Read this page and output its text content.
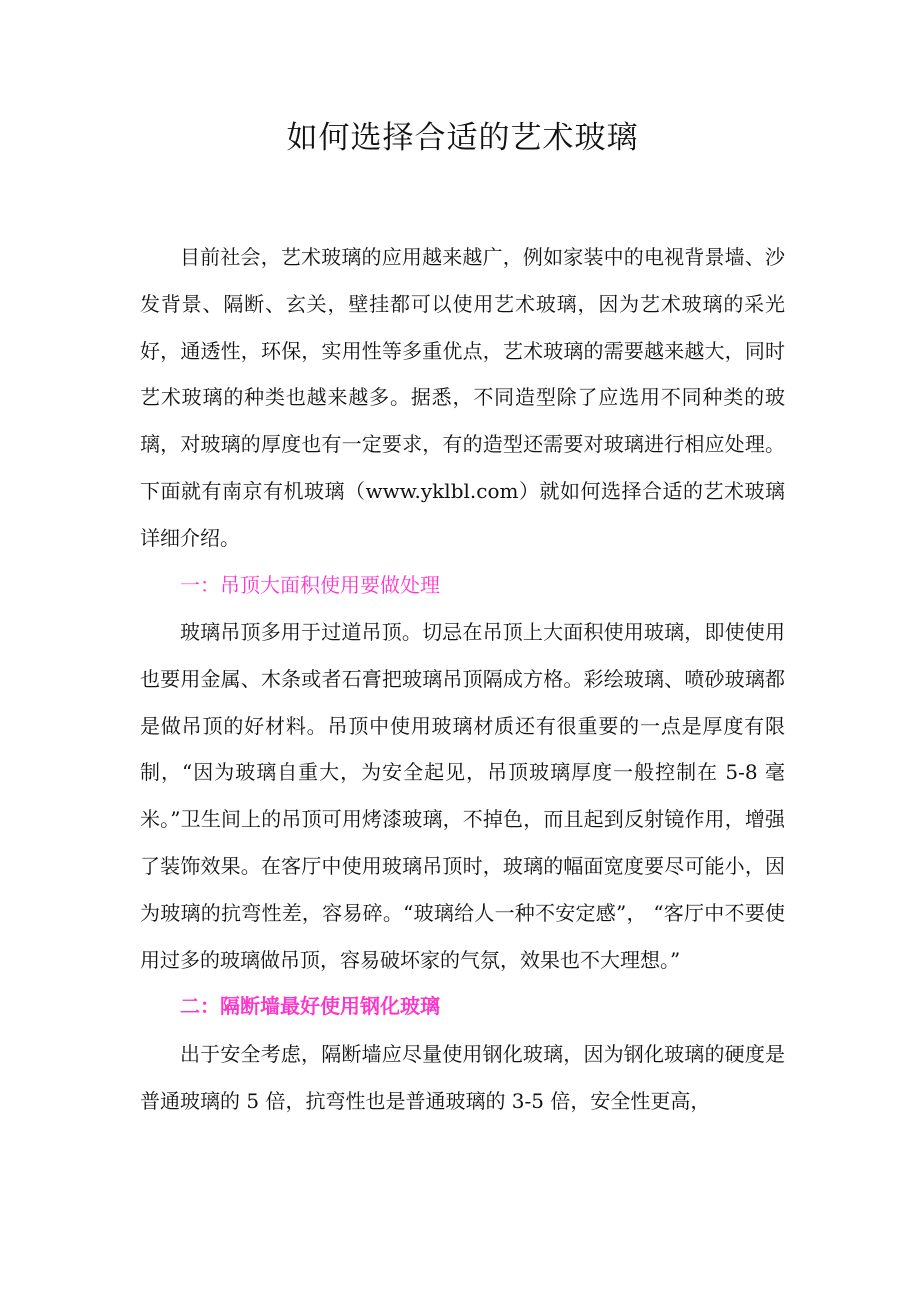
如何选择合适的艺术玻璃

目前社会，艺术玻璃的应用越来越广，例如家装中的电视背景墙、沙发背景、隔断、玄关，壁挂都可以使用艺术玻璃，因为艺术玻璃的采光好，通透性，环保，实用性等多重优点，艺术玻璃的需要越来越大，同时艺术玻璃的种类也越来越多。据悉，不同造型除了应选用不同种类的玻璃，对玻璃的厚度也有一定要求，有的造型还需要对玻璃进行相应处理。下面就有南京有机玻璃（www.yklbl.com）就如何选择合适的艺术玻璃详细介绍。

一：吊顶大面积使用要做处理

玻璃吊顶多用于过道吊顶。切忌在吊顶上大面积使用玻璃，即使使用也要用金属、木条或者石膏把玻璃吊顶隔成方格。彩绘玻璃、喷砂玻璃都是做吊顶的好材料。吊顶中使用玻璃材质还有很重要的一点是厚度有限制，“因为玻璃自重大，为安全起见，吊顶玻璃厚度一般控制在 5-8 毫米。”卫生间上的吊顶可用烤漆玻璃，不掉色，而且起到反射镜作用，增强了装饰效果。在客厅中使用玻璃吊顶时，玻璃的幅面宽度要尽可能小，因为玻璃的抗弯性差，容易碎。“玻璃给人一种不安定感”， “客厅中不要使用过多的玻璃做吊顶，容易破坏家的气氛，效果也不大理想。”

二：隔断墙最好使用钢化玻璃

出于安全考虑，隔断墙应尽量使用钢化玻璃，因为钢化玻璃的硬度是普通玻璃的 5 倍，抗弯性也是普通玻璃的 3-5 倍，安全性更高，
